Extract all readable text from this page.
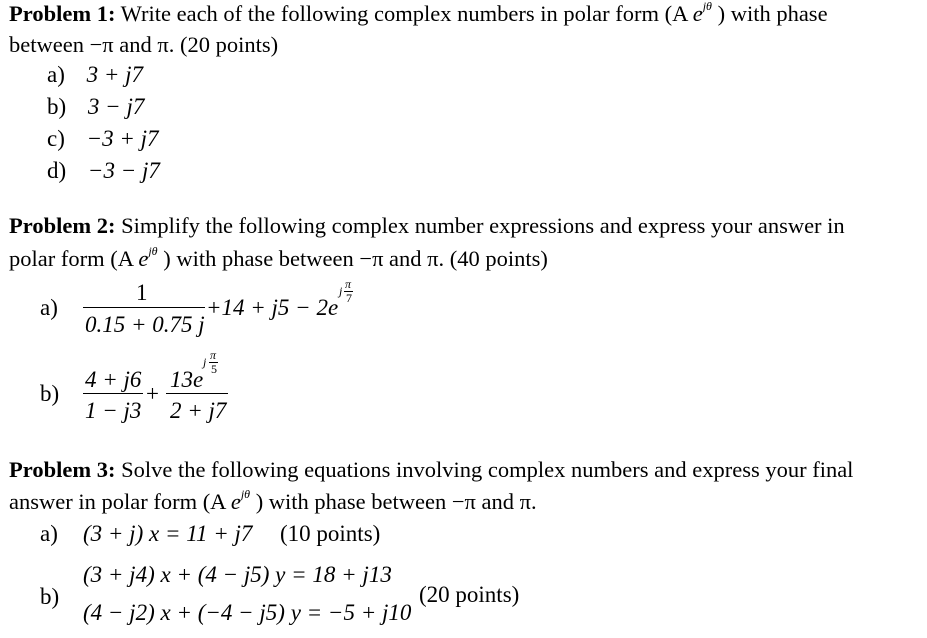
Problem 1: Write each of the following complex numbers in polar form (A $e^{j\theta}$ ) with phase
between −π and π. (20 points)
a) 3 + j7
b) 3 − j7
c) −3 + j7
d) −3 − j7
Problem 2: Simplify the following complex number expressions and express your answer in
polar form (A $e^{j\theta}$ ) with phase between −π and π. (40 points)
a)
1
0.15 + 0.75 j
+14 + j5 − 2e
j π
7
b)
4 + j6
1 − j3
+
13e
j π
5
2 + j7
Problem 3: Solve the following equations involving complex numbers and express your final
answer in polar form (A $e^{j\theta}$ ) with phase between −π and π.
a) (3 + j) x = 11 + j7 (10 points)
b)
(3 + j4) x + (4 − j5) y = 18 + j13
(4 − j2) x + (−4 − j5) y = −5 + j10
(20 points)
